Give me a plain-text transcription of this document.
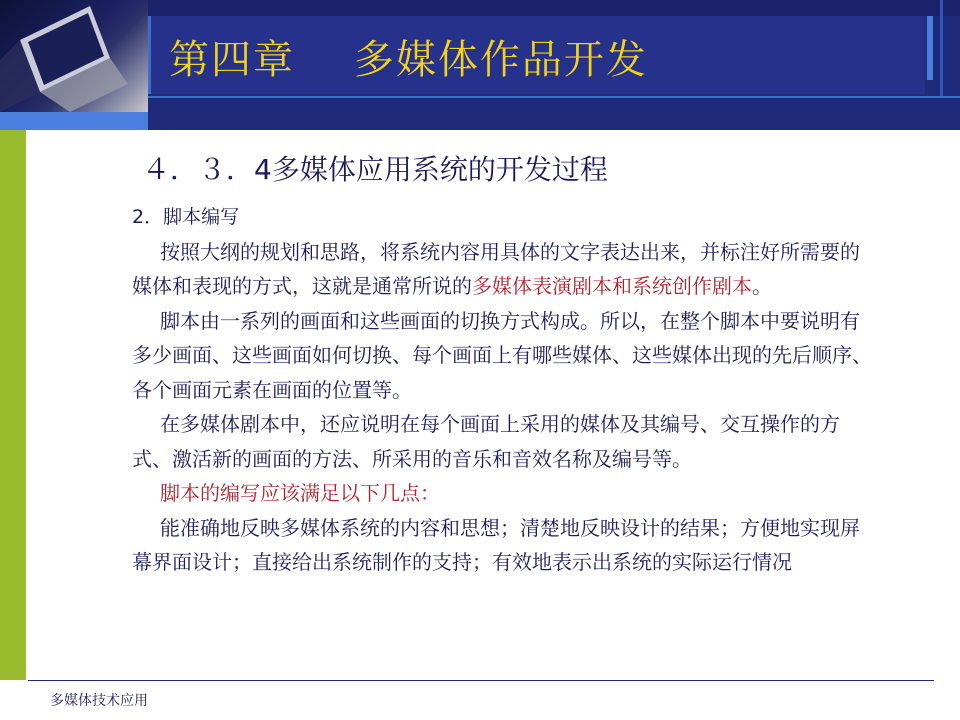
第四章    多媒体作品开发
４．３．4多媒体应用系统的开发过程

2．脚本编写

按照大纲的规划和思路，将系统内容用具体的文字表达出来，并标注好所需要的媒体和表现的方式，这就是通常所说的多媒体表演剧本和系统创作剧本。

脚本由一系列的画面和这些画面的切换方式构成。所以，在整个脚本中要说明有多少画面、这些画面如何切换、每个画面上有哪些媒体、这些媒体出现的先后顺序、各个画面元素在画面的位置等。

在多媒体剧本中，还应说明在每个画面上采用的媒体及其编号、交互操作的方式、激活新的画面的方法、所采用的音乐和音效名称及编号等。

脚本的编写应该满足以下几点：

能准确地反映多媒体系统的内容和思想；清楚地反映设计的结果；方便地实现屏幕界面设计；直接给出系统制作的支持；有效地表示出系统的实际运行情况

多媒体技术应用
